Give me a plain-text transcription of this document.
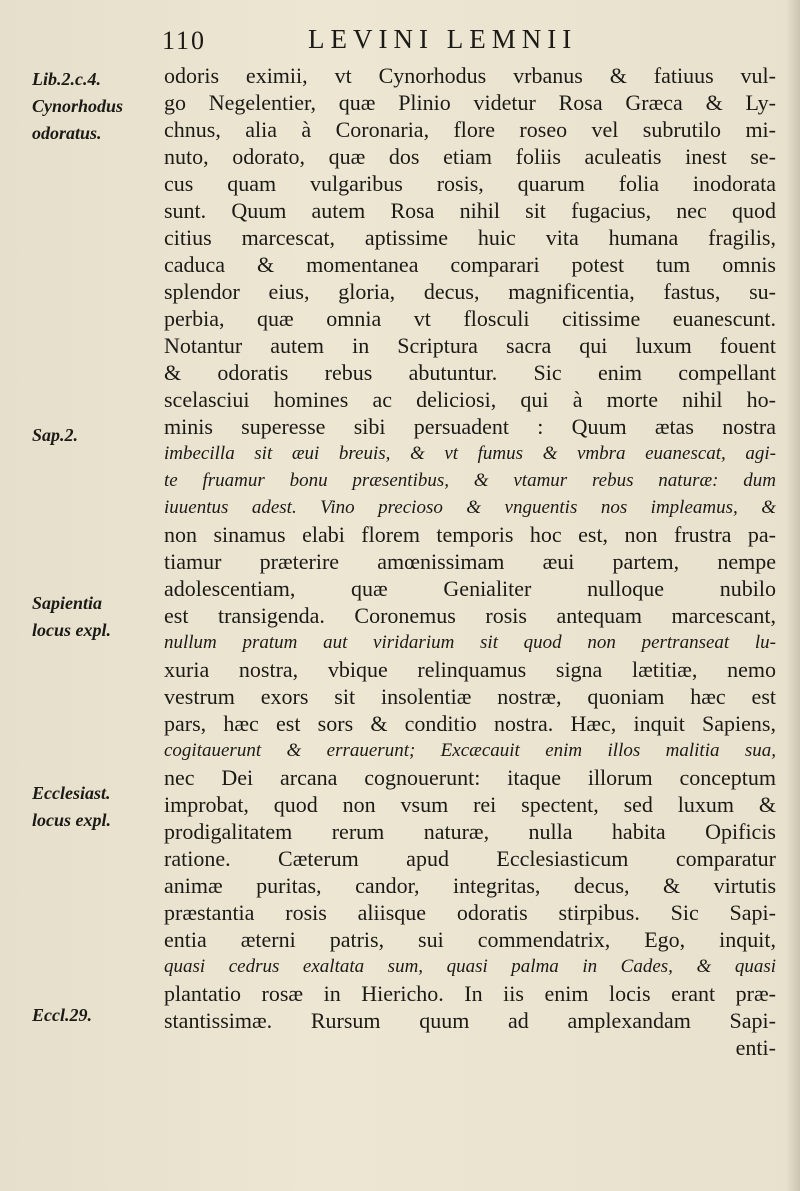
110	LEVINI LEMNII
Lib.2.c.4.
Cynorhodus
odoratus.
Sap.2.
Sapientia
locus expl.
Ecclesiast.
locus expl.
Eccl.29.
odoris eximii, vt Cynorhodus vrbanus & fatiuus vul-
go Negelentier, quæ Plinio videtur Rosa Græca & Ly-
chnus, alia à Coronaria, flore roseo vel subrutilo mi-
nuto, odorato, quæ dos etiam foliis aculeatis inest se-
cus quam vulgaribus rosis, quarum folia inodorata
sunt. Quum autem Rosa nihil sit fugacius, nec quod
citius marcescat, aptissime huic vita humana fragilis,
caduca & momentanea comparari potest tum omnis
splendor eius, gloria, decus, magnificentia, fastus, su-
perbia, quæ omnia vt flosculi citissime euanescunt.
Notantur autem in Scriptura sacra qui luxum fouent
& odoratis rebus abutuntur. Sic enim compellant
scelasciui homines ac deliciosi, qui à morte nihil ho-
minis superesse sibi persuadent : Quum ætas nostra
imbecilla sit æui breuis, & vt fumus & vmbra euanescat, agi-
te fruamur bonu præsentibus, & vtamur rebus naturæ: dum
iuuentus adest. Vino precioso & vnguentis nos impleamus, &
non sinamus elabi florem temporis hoc est, non frustra pa-
tiamur præterire amœnissimam æui partem, nempe
adolescentiam, quæ Genialiter nulloque nubilo
est transigenda. Coronemus rosis antequam marcescant,
nullum pratum aut viridarium sit quod non pertranseat lu-
xuria nostra, vbique relinquamus signa lætitiæ, nemo
vestrum exors sit insolentiæ nostræ, quoniam hæc est
pars, hæc est sors & conditio nostra. Hæc, inquit Sapiens,
cogitauerunt & errauerunt; Excæcauit enim illos malitia sua,
nec Dei arcana cognouerunt: itaque illorum conceptum
improbat, quod non vsum rei spectent, sed luxum &
prodigalitatem rerum naturæ, nulla habita Opificis
ratione. Cæterum apud Ecclesiasticum comparatur
animæ puritas, candor, integritas, decus, & virtutis
præstantia rosis aliisque odoratis stirpibus. Sic Sapi-
entia æterni patris, sui commendatrix, Ego, inquit,
quasi cedrus exaltata sum, quasi palma in Cades, & quasi
plantatio rosæ in Hiericho. In iis enim locis erant præ-
stantissimæ. Rursum quum ad amplexandam Sapi-
enti-
